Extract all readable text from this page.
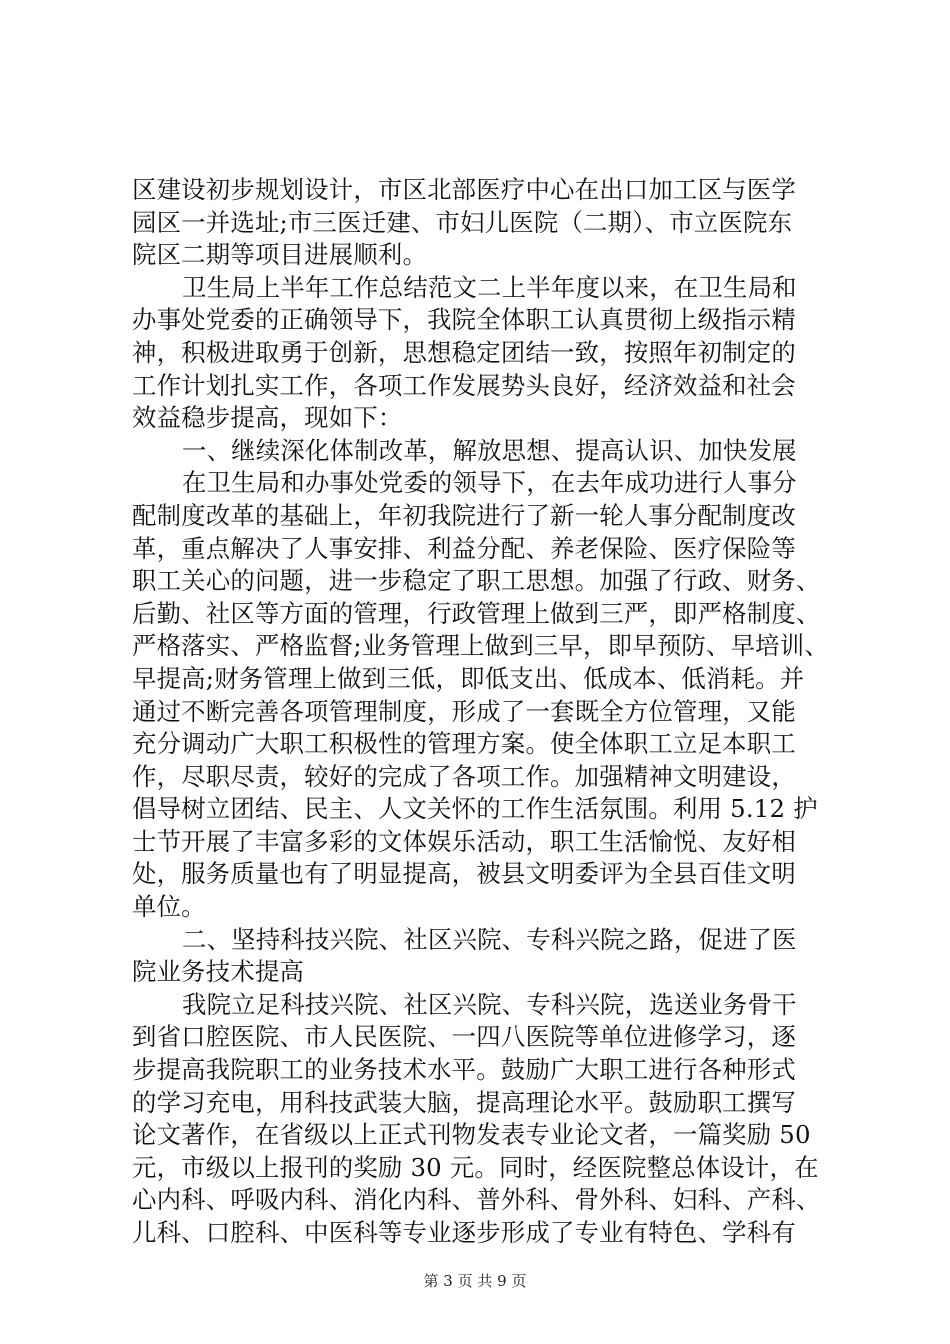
区建设初步规划设计，市区北部医疗中心在出口加工区与医学
园区一并选址;市三医迁建、市妇儿医院（二期）、市立医院东
院区二期等项目进展顺利。
卫生局上半年工作总结范文二上半年度以来，在卫生局和
办事处党委的正确领导下，我院全体职工认真贯彻上级指示精
神，积极进取勇于创新，思想稳定团结一致，按照年初制定的
工作计划扎实工作，各项工作发展势头良好，经济效益和社会
效益稳步提高，现如下：
一、继续深化体制改革，解放思想、提高认识、加快发展
在卫生局和办事处党委的领导下，在去年成功进行人事分
配制度改革的基础上，年初我院进行了新一轮人事分配制度改
革，重点解决了人事安排、利益分配、养老保险、医疗保险等
职工关心的问题，进一步稳定了职工思想。加强了行政、财务、
后勤、社区等方面的管理，行政管理上做到三严，即严格制度、
严格落实、严格监督;业务管理上做到三早，即早预防、早培训、
早提高;财务管理上做到三低，即低支出、低成本、低消耗。并
通过不断完善各项管理制度，形成了一套既全方位管理，又能
充分调动广大职工积极性的管理方案。使全体职工立足本职工
作，尽职尽责，较好的完成了各项工作。加强精神文明建设，
倡导树立团结、民主、人文关怀的工作生活氛围。利用 5.12 护
士节开展了丰富多彩的文体娱乐活动，职工生活愉悦、友好相
处，服务质量也有了明显提高，被县文明委评为全县百佳文明
单位。
二、坚持科技兴院、社区兴院、专科兴院之路，促进了医
院业务技术提高
我院立足科技兴院、社区兴院、专科兴院，选送业务骨干
到省口腔医院、市人民医院、一四八医院等单位进修学习，逐
步提高我院职工的业务技术水平。鼓励广大职工进行各种形式
的学习充电，用科技武装大脑，提高理论水平。鼓励职工撰写
论文著作，在省级以上正式刊物发表专业论文者，一篇奖励 50
元，市级以上报刊的奖励 30 元。同时，经医院整总体设计，在
心内科、呼吸内科、消化内科、普外科、骨外科、妇科、产科、
儿科、口腔科、中医科等专业逐步形成了专业有特色、学科有
第 3 页 共 9 页
